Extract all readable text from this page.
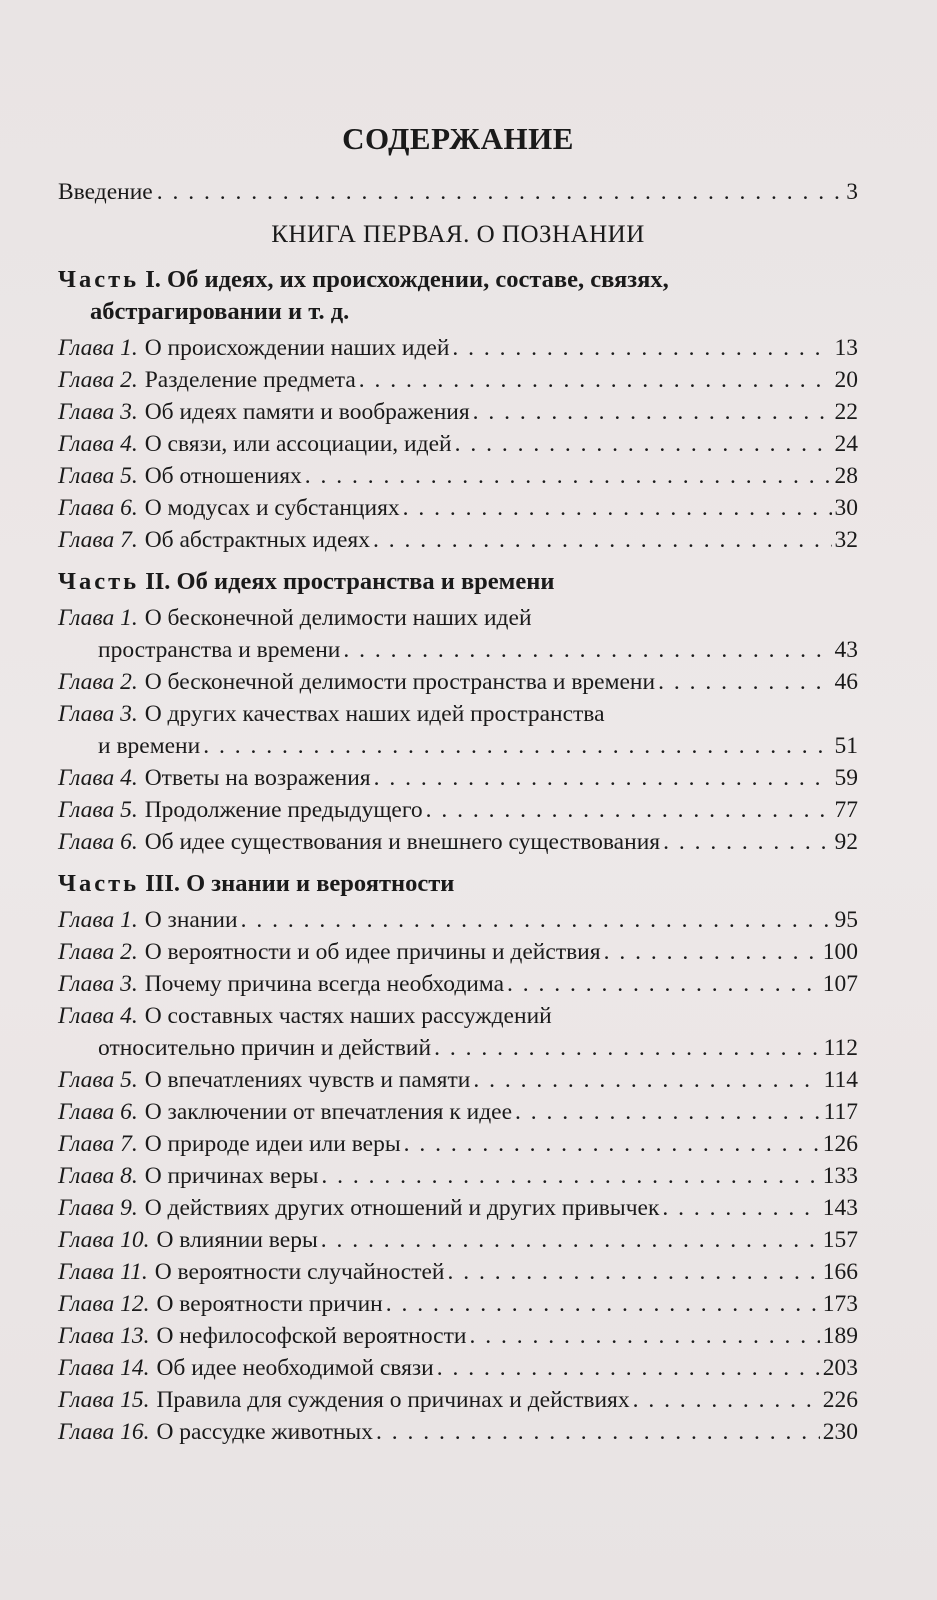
СОДЕРЖАНИЕ
Введение . . .	3
КНИГА ПЕРВАЯ. О ПОЗНАНИИ
Часть I. Об идеях, их происхождении, составе, связях,
абстрагировании и т. д.
Глава 1. О происхождении наших идей . . .	13
Глава 2. Разделение предмета . . .	20
Глава 3. Об идеях памяти и воображения . . .	22
Глава 4. О связи, или ассоциации, идей . . .	24
Глава 5. Об отношениях . . .	28
Глава 6. О модусах и субстанциях . . .	30
Глава 7. Об абстрактных идеях . . .	32
Часть II. Об идеях пространства и времени
Глава 1. О бесконечной делимости наших идей
пространства и времени . . .	43
Глава 2. О бесконечной делимости пространства и времени . . .	46
Глава 3. О других качествах наших идей пространства
и времени . . .	51
Глава 4. Ответы на возражения . . .	59
Глава 5. Продолжение предыдущего . . .	77
Глава 6. Об идее существования и внешнего существования . . .	92
Часть III. О знании и вероятности
Глава 1. О знании . . .	95
Глава 2. О вероятности и об идее причины и действия . . .	100
Глава 3. Почему причина всегда необходима . . .	107
Глава 4. О составных частях наших рассуждений
относительно причин и действий . . .	112
Глава 5. О впечатлениях чувств и памяти . . .	114
Глава 6. О заключении от впечатления к идее . . .	117
Глава 7. О природе идеи или веры . . .	126
Глава 8. О причинах веры . . .	133
Глава 9. О действиях других отношений и других привычек . . .	143
Глава 10. О влиянии веры . . .	157
Глава 11. О вероятности случайностей . . .	166
Глава 12. О вероятности причин . . .	173
Глава 13. О нефилософской вероятности . . .	189
Глава 14. Об идее необходимой связи . . .	203
Глава 15. Правила для суждения о причинах и действиях . . .	226
Глава 16. О рассудке животных . . .	230
